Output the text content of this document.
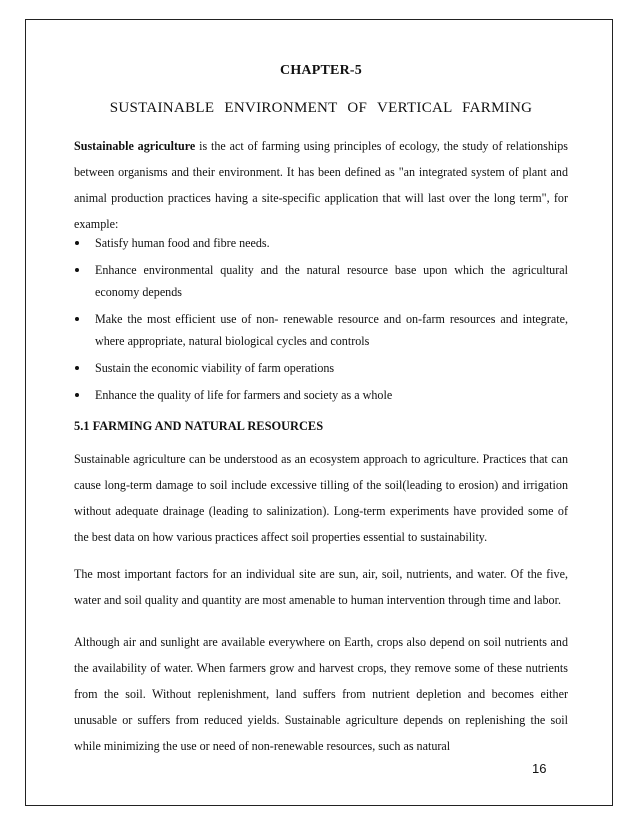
CHAPTER-5
SUSTAINABLE ENVIRONMENT OF VERTICAL FARMING

Sustainable agriculture is the act of farming using principles of ecology, the study of relationships between organisms and their environment. It has been defined as "an integrated system of plant and animal production practices having a site-specific application that will last over the long term", for example:

Satisfy human food and fibre needs.
Enhance environmental quality and the natural resource base upon which the agricultural economy depends
Make the most efficient use of non- renewable resource and on-farm resources and integrate, where appropriate, natural biological cycles and controls
Sustain the economic viability of farm operations
Enhance the quality of life for farmers and society as a whole
5.1 FARMING AND NATURAL RESOURCES

Sustainable agriculture can be understood as an ecosystem approach to agriculture. Practices that can cause long-term damage to soil include excessive tilling of the soil(leading to erosion) and irrigation without adequate drainage (leading to salinization). Long-term experiments have provided some of the best data on how various practices affect soil properties essential to sustainability.

The most important factors for an individual site are sun, air, soil, nutrients, and water. Of the five, water and soil quality and quantity are most amenable to human intervention through time and labor.

Although air and sunlight are available everywhere on Earth, crops also depend on soil nutrients and the availability of water. When farmers grow and harvest crops, they remove some of these nutrients from the soil. Without replenishment, land suffers from nutrient depletion and becomes either unusable or suffers from reduced yields. Sustainable agriculture depends on replenishing the soil while minimizing the use or need of non-renewable resources, such as natural

16
